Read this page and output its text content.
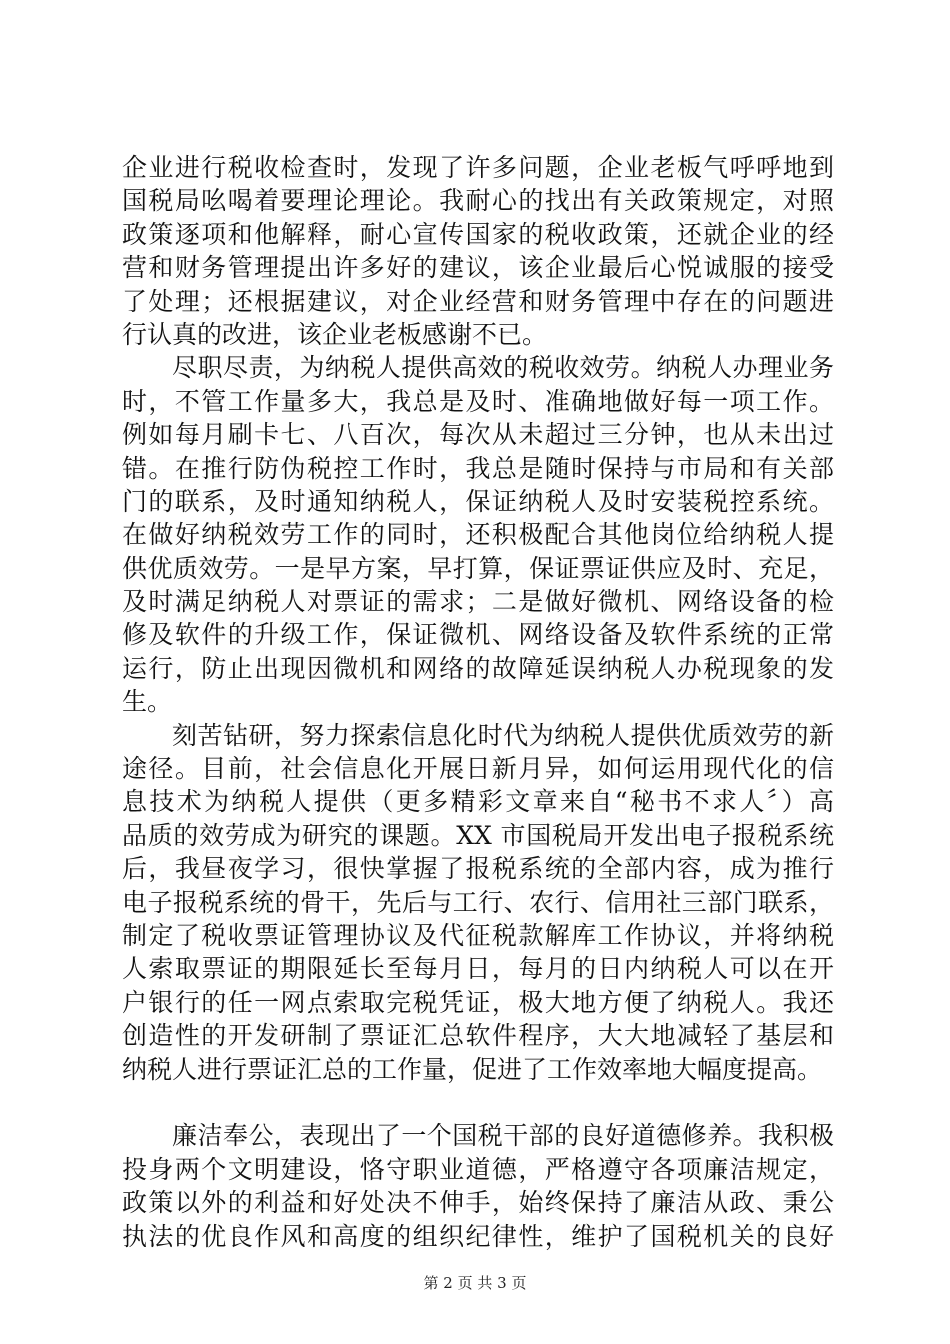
企业进行税收检查时，发现了许多问题，企业老板气呼呼地到
国税局吆喝着要理论理论。我耐心的找出有关政策规定，对照
政策逐项和他解释，耐心宣传国家的税收政策，还就企业的经
营和财务管理提出许多好的建议，该企业最后心悦诚服的接受
了处理；还根据建议，对企业经营和财务管理中存在的问题进
行认真的改进，该企业老板感谢不已。
尽职尽责，为纳税人提供高效的税收效劳。纳税人办理业务
时，不管工作量多大，我总是及时、准确地做好每一项工作。
例如每月刷卡七、八百次，每次从未超过三分钟，也从未出过
错。在推行防伪税控工作时，我总是随时保持与市局和有关部
门的联系，及时通知纳税人，保证纳税人及时安装税控系统。
在做好纳税效劳工作的同时，还积极配合其他岗位给纳税人提
供优质效劳。一是早方案，早打算，保证票证供应及时、充足，
及时满足纳税人对票证的需求；二是做好微机、网络设备的检
修及软件的升级工作，保证微机、网络设备及软件系统的正常
运行，防止出现因微机和网络的故障延误纳税人办税现象的发
生。
刻苦钻研，努力探索信息化时代为纳税人提供优质效劳的新
途径。目前，社会信息化开展日新月异，如何运用现代化的信
息技术为纳税人提供（更多精彩文章来自“秘书不求人〞）高
品质的效劳成为研究的课题。XX 市国税局开发出电子报税系统
后，我昼夜学习，很快掌握了报税系统的全部内容，成为推行
电子报税系统的骨干，先后与工行、农行、信用社三部门联系，
制定了税收票证管理协议及代征税款解库工作协议，并将纳税
人索取票证的期限延长至每月日，每月的日内纳税人可以在开
户银行的任一网点索取完税凭证，极大地方便了纳税人。我还
创造性的开发研制了票证汇总软件程序，大大地减轻了基层和
纳税人进行票证汇总的工作量，促进了工作效率地大幅度提高。
廉洁奉公，表现出了一个国税干部的良好道德修养。我积极
投身两个文明建设，恪守职业道德，严格遵守各项廉洁规定，
政策以外的利益和好处决不伸手，始终保持了廉洁从政、秉公
执法的优良作风和高度的组织纪律性，维护了国税机关的良好
第 2 页 共 3 页
